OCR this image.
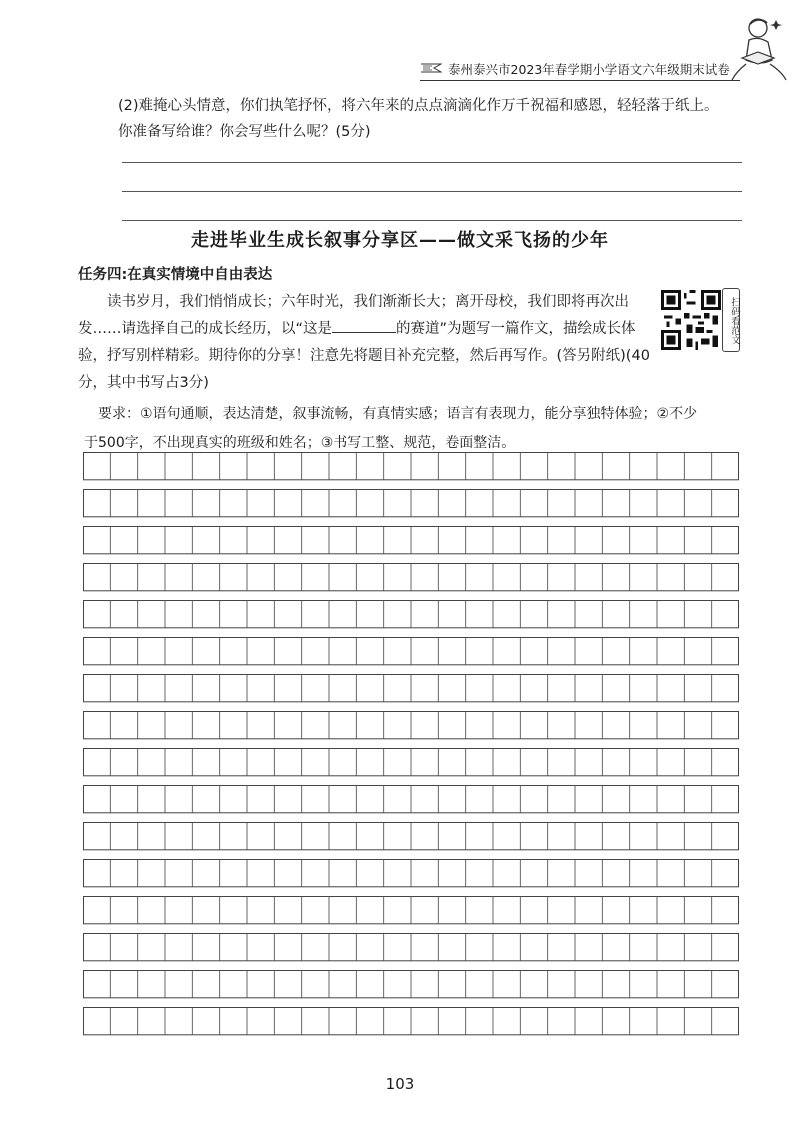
泰州泰兴市2023年春学期小学语文六年级期末试卷
(2)难掩心头情意，你们执笔抒怀，将六年来的点点滴滴化作万千祝福和感恩，轻轻落于纸上。
你准备写给谁？你会写些什么呢？(5分)
走进毕业生成长叙事分享区——做文采飞扬的少年
任务四:在真实情境中自由表达

读书岁月，我们悄悄成长；六年时光，我们渐渐长大；离开母校，我们即将再次出发……请选择自己的成长经历，以“这是	的赛道”为题写一篇作文，描绘成长体验，抒写别样精彩。期待你的分享！注意先将题目补充完整，然后再写作。(答另附纸)(40分，其中书写占3分)

扫码看范文
要求：①语句通顺，表达清楚，叙事流畅，有真情实感；语言有表现力，能分享独特体验；②不少
于500字，不出现真实的班级和姓名；③书写工整、规范，卷面整洁。
103
